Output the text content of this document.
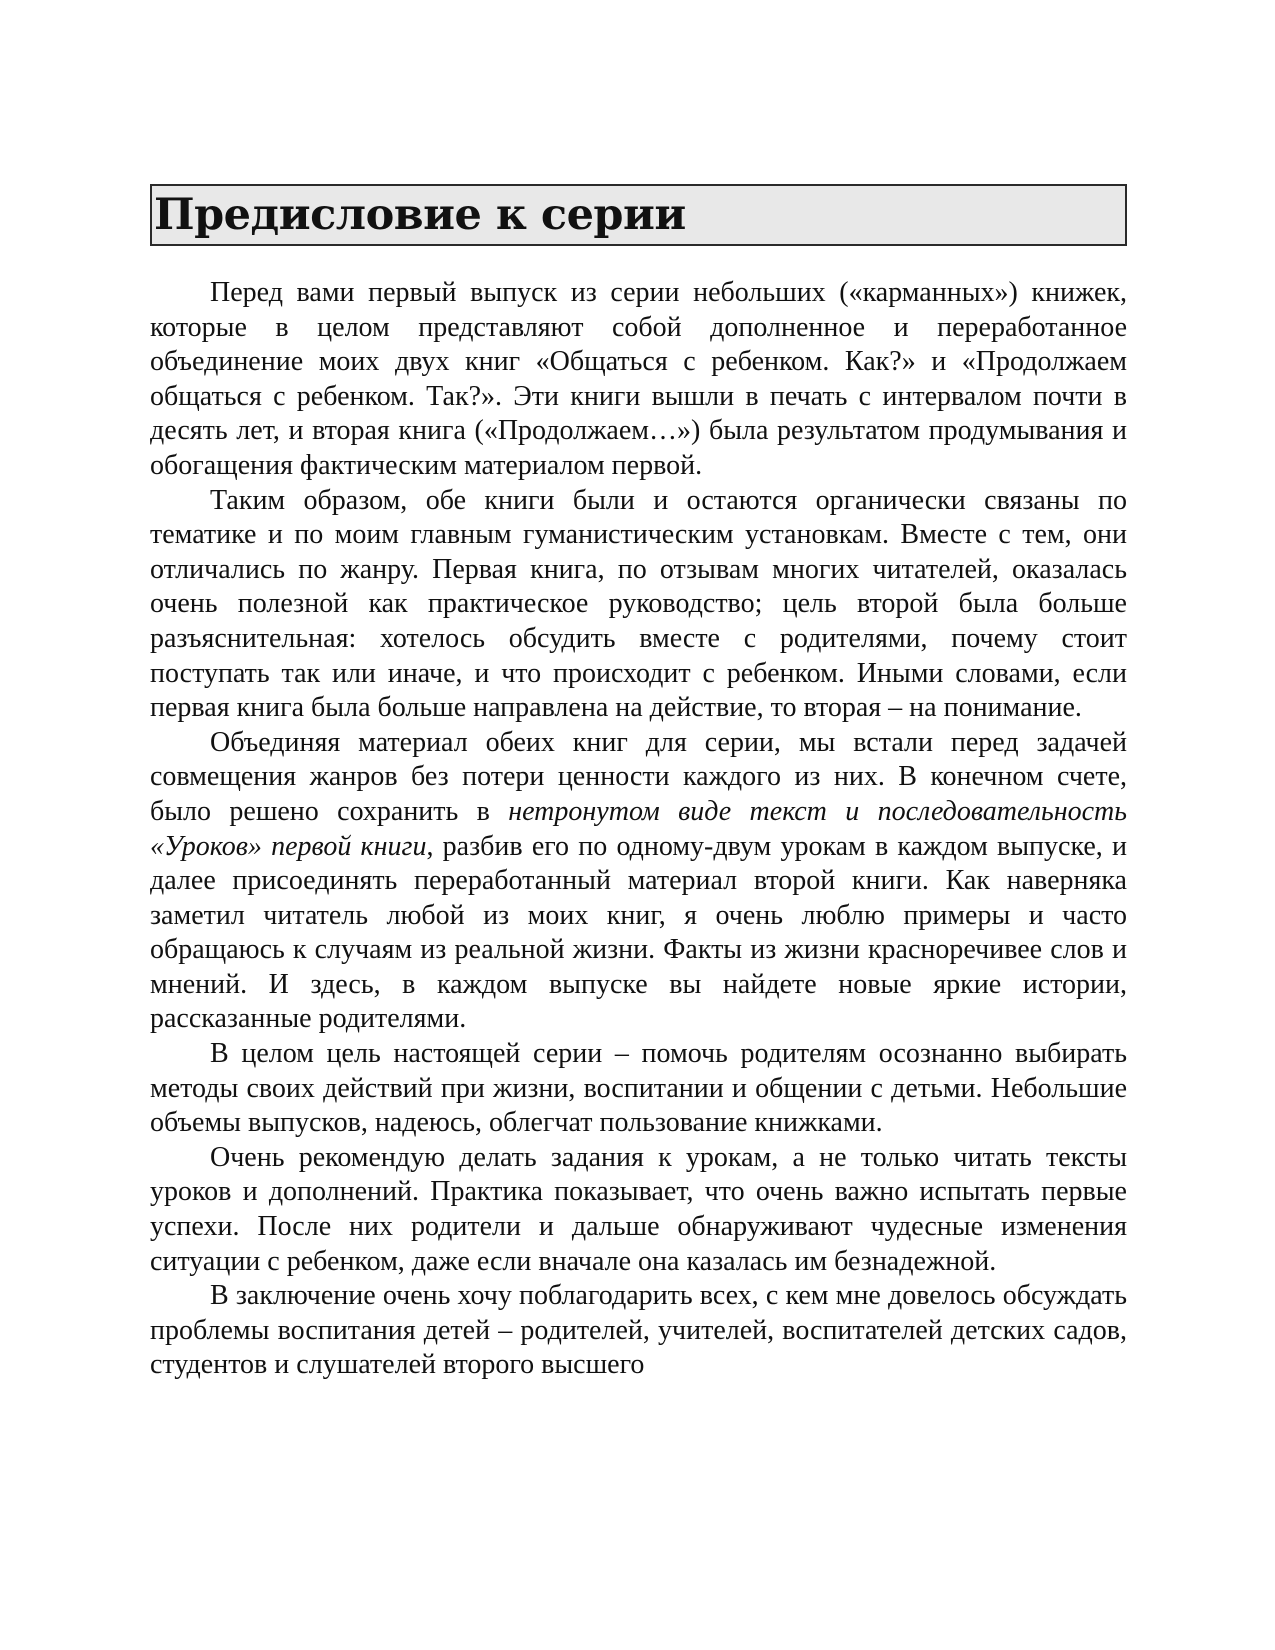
Предисловие к серии

Перед вами первый выпуск из серии небольших («карманных») книжек, которые в целом представляют собой дополненное и переработанное объединение моих двух книг «Общаться с ребенком. Как?» и «Продолжаем общаться с ребенком. Так?». Эти книги вышли в печать с интервалом почти в десять лет, и вторая книга («Продолжаем…») была результатом продумывания и обогащения фактическим материалом первой.

Таким образом, обе книги были и остаются органически связаны по тематике и по моим главным гуманистическим установкам. Вместе с тем, они отличались по жанру. Первая книга, по отзывам многих читателей, оказалась очень полезной как практическое руководство; цель второй была больше разъяснительная: хотелось обсудить вместе с родителями, почему стоит поступать так или иначе, и что происходит с ребенком. Иными словами, если первая книга была больше направлена на действие, то вторая – на понимание.

Объединяя материал обеих книг для серии, мы встали перед задачей совмещения жанров без потери ценности каждого из них. В конечном счете, было решено сохранить в нетронутом виде текст и последовательность «Уроков» первой книги, разбив его по одному-двум урокам в каждом выпуске, и далее присоединять переработанный материал второй книги. Как наверняка заметил читатель любой из моих книг, я очень люблю примеры и часто обращаюсь к случаям из реальной жизни. Факты из жизни красноречивее слов и мнений. И здесь, в каждом выпуске вы найдете новые яркие истории, рассказанные родителями.

В целом цель настоящей серии – помочь родителям осознанно выбирать методы своих действий при жизни, воспитании и общении с детьми. Небольшие объемы выпусков, надеюсь, облегчат пользование книжками.

Очень рекомендую делать задания к урокам, а не только читать тексты уроков и дополнений. Практика показывает, что очень важно испытать первые успехи. После них родители и дальше обнаруживают чудесные изменения ситуации с ребенком, даже если вначале она казалась им безнадежной.

В заключение очень хочу поблагодарить всех, с кем мне довелось обсуждать проблемы воспитания детей – родителей, учителей, воспитателей детских садов, студентов и слушателей второго высшего
